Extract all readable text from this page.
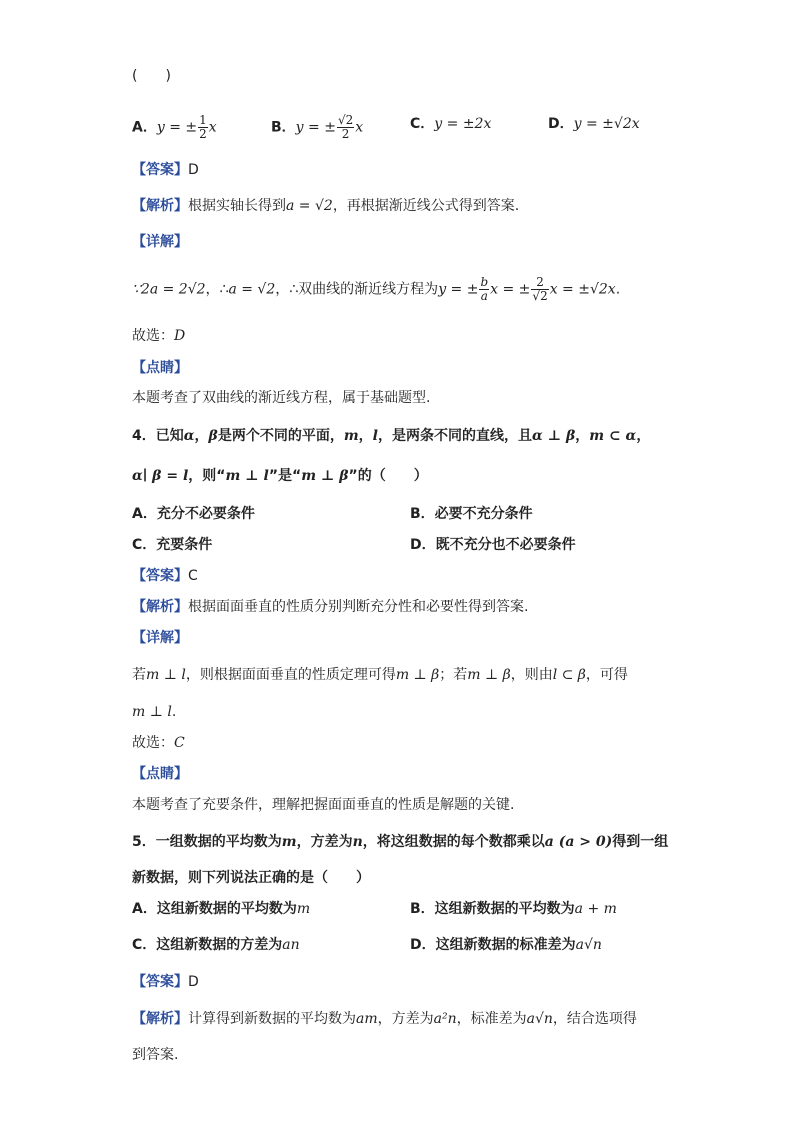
(　　)
A．y = ± $\frac{1}{2}$ x	B．y = ± $\frac{√2}{2}$ x	C．y = ±2x	D．y = ±√2x
【答案】D
【解析】根据实轴长得到a = √2，再根据渐近线公式得到答案.
【详解】
∵2a = 2√2，∴a = √2，∴双曲线的渐近线方程为y = ± $\frac{b}{a}$ x = ± $\frac{2}{√2}$ x = ±√2x.
故选：D
【点睛】
本题考查了双曲线的渐近线方程，属于基础题型.
4．已知α，β是两个不同的平面，m，l，是两条不同的直线，且α ⊥ β，m ⊂ α，
α∣ β = l，则“m ⊥ l”是“m ⊥ β”的（　　）
A．充分不必要条件	B．必要不充分条件
C．充要条件	D．既不充分也不必要条件
【答案】C
【解析】根据面面垂直的性质分别判断充分性和必要性得到答案.
【详解】
若m ⊥ l，则根据面面垂直的性质定理可得m ⊥ β；若m ⊥ β，则由l ⊂ β，可得
m ⊥ l.
故选：C
【点睛】
本题考查了充要条件，理解把握面面垂直的性质是解题的关键.
5．一组数据的平均数为m，方差为n，将这组数据的每个数都乘以a (a > 0)得到一组
新数据，则下列说法正确的是（　　）
A．这组新数据的平均数为m	B．这组新数据的平均数为a + m
C．这组新数据的方差为an	D．这组新数据的标准差为a√n
【答案】D
【解析】计算得到新数据的平均数为am，方差为a²n，标准差为a√n，结合选项得
到答案.
